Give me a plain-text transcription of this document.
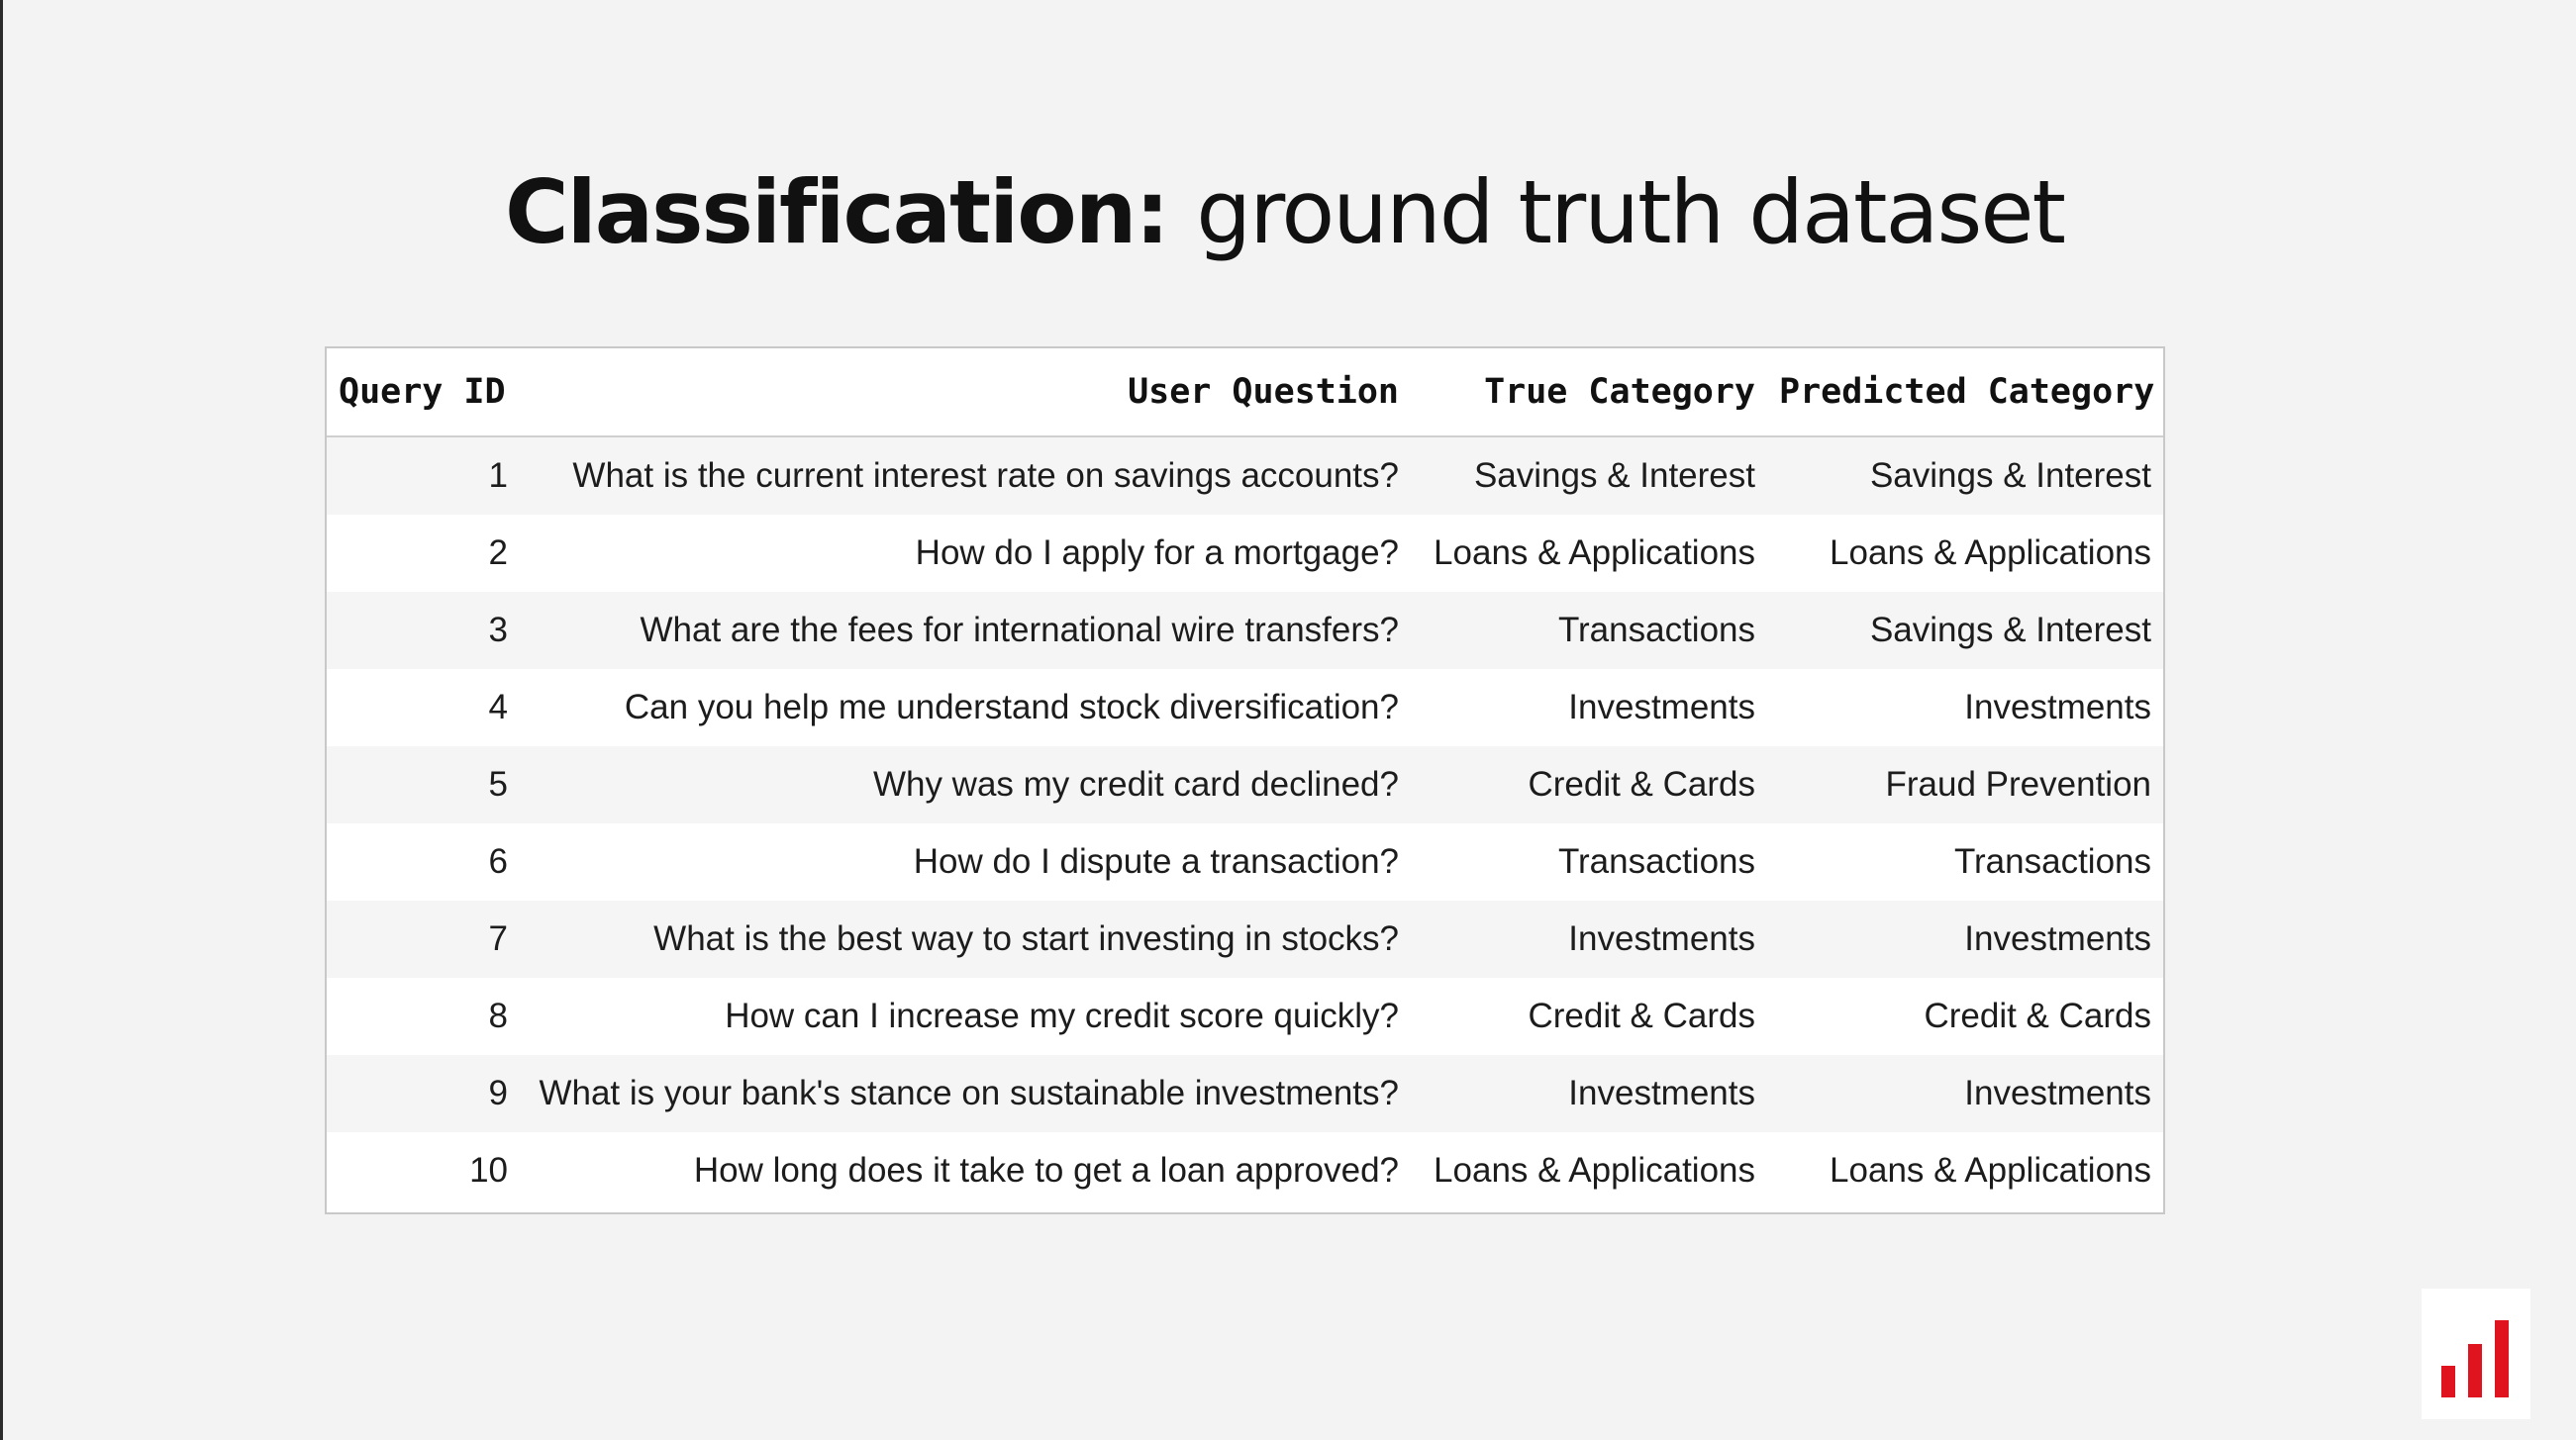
Classification: ground truth dataset
Query ID	User Question	True Category	Predicted Category
1	What is the current interest rate on savings accounts?	Savings & Interest	Savings & Interest
2	How do I apply for a mortgage?	Loans & Applications	Loans & Applications
3	What are the fees for international wire transfers?	Transactions	Savings & Interest
4	Can you help me understand stock diversification?	Investments	Investments
5	Why was my credit card declined?	Credit & Cards	Fraud Prevention
6	How do I dispute a transaction?	Transactions	Transactions
7	What is the best way to start investing in stocks?	Investments	Investments
8	How can I increase my credit score quickly?	Credit & Cards	Credit & Cards
9	What is your bank's stance on sustainable investments?	Investments	Investments
10	How long does it take to get a loan approved?	Loans & Applications	Loans & Applications
